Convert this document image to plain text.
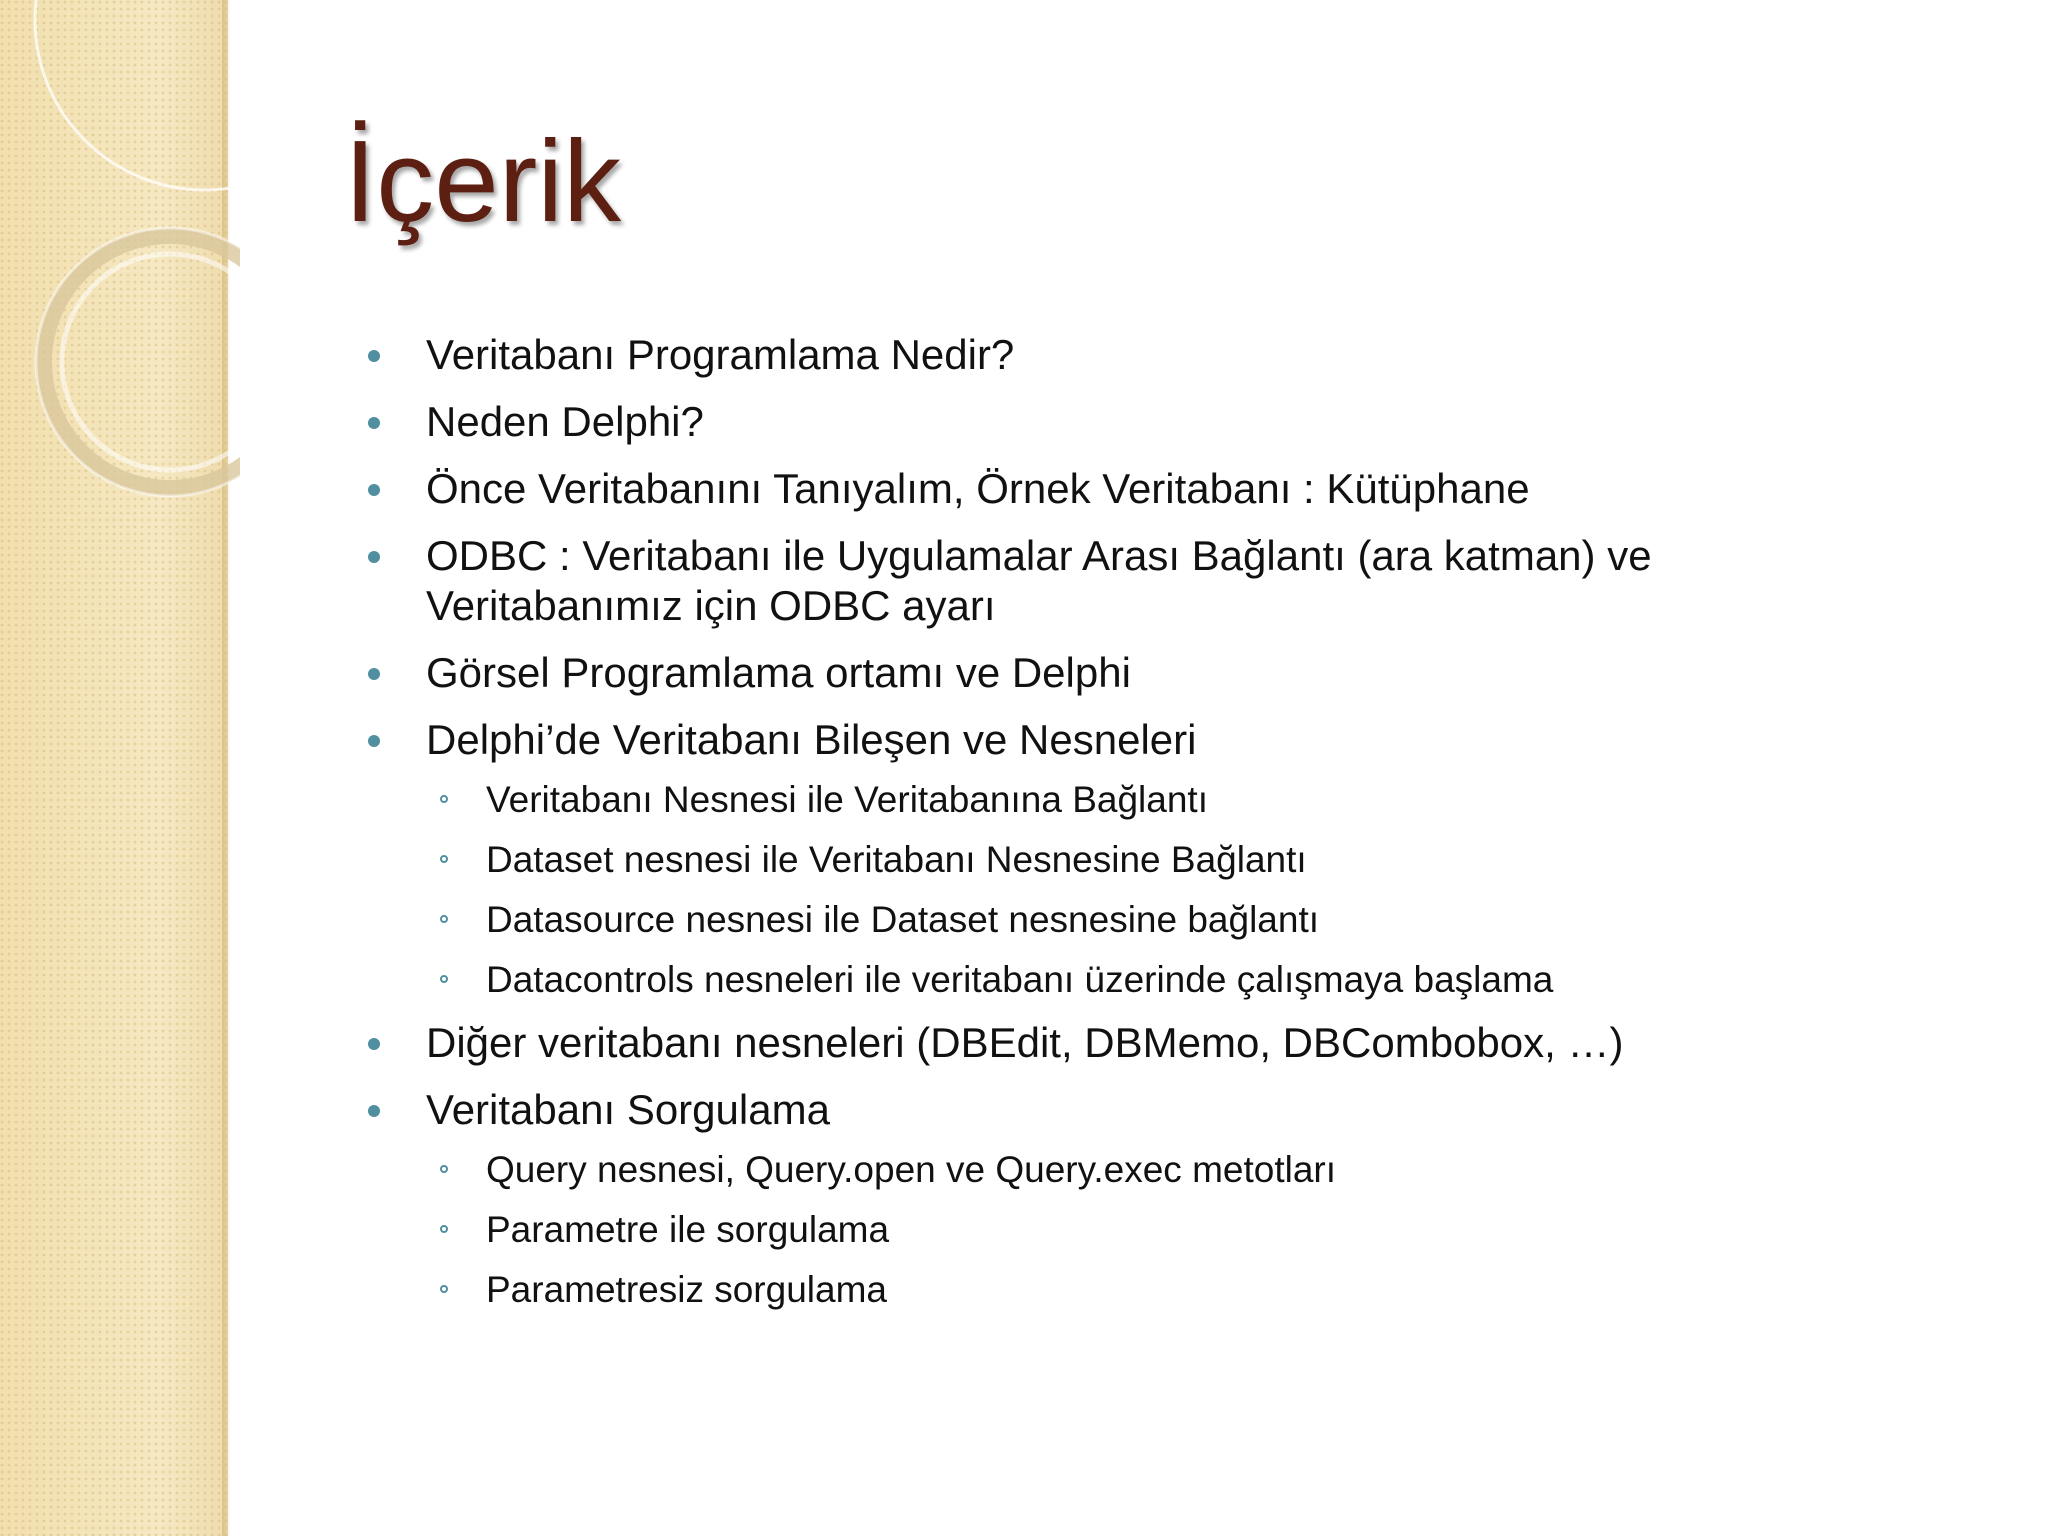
İçerik
Veritabanı Programlama Nedir?
Neden Delphi?
Önce Veritabanını Tanıyalım, Örnek Veritabanı : Kütüphane
ODBC : Veritabanı ile Uygulamalar Arası Bağlantı (ara katman) ve Veritabanımız için ODBC ayarı
Görsel Programlama ortamı ve Delphi
Delphi’de Veritabanı Bileşen ve Nesneleri
Veritabanı Nesnesi ile Veritabanına Bağlantı
Dataset nesnesi ile Veritabanı Nesnesine Bağlantı
Datasource nesnesi ile Dataset nesnesine bağlantı
Datacontrols nesneleri ile veritabanı üzerinde çalışmaya başlama
Diğer veritabanı nesneleri (DBEdit, DBMemo, DBCombobox, …)
Veritabanı Sorgulama
Query nesnesi, Query.open ve Query.exec metotları
Parametre ile sorgulama
Parametresiz sorgulama
